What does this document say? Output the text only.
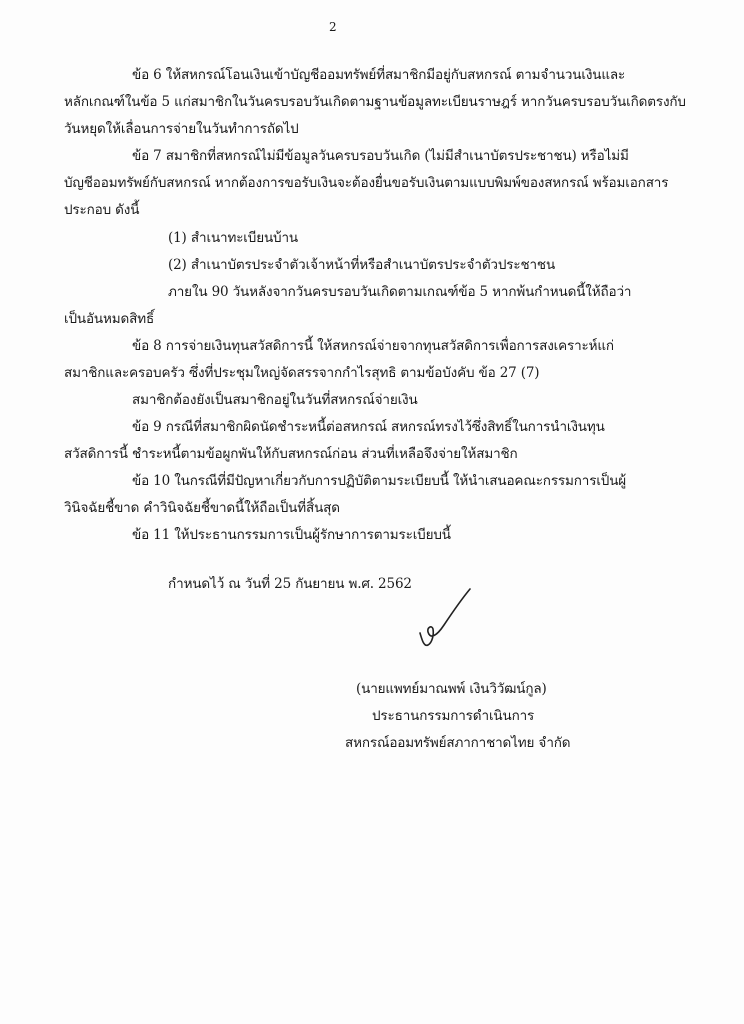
2
ข้อ 6 ให้สหกรณ์โอนเงินเข้าบัญชีออมทรัพย์ที่สมาชิกมีอยู่กับสหกรณ์ ตามจำนวนเงินและ
หลักเกณฑ์ในข้อ 5 แก่สมาชิกในวันครบรอบวันเกิดตามฐานข้อมูลทะเบียนราษฎร์ หากวันครบรอบวันเกิดตรงกับ
วันหยุดให้เลื่อนการจ่ายในวันทำการถัดไป
ข้อ 7 สมาชิกที่สหกรณ์ไม่มีข้อมูลวันครบรอบวันเกิด (ไม่มีสำเนาบัตรประชาชน) หรือไม่มี
บัญชีออมทรัพย์กับสหกรณ์ หากต้องการขอรับเงินจะต้องยื่นขอรับเงินตามแบบพิมพ์ของสหกรณ์ พร้อมเอกสาร
ประกอบ ดังนี้
(1) สำเนาทะเบียนบ้าน
(2) สำเนาบัตรประจำตัวเจ้าหน้าที่หรือสำเนาบัตรประจำตัวประชาชน
ภายใน 90 วันหลังจากวันครบรอบวันเกิดตามเกณฑ์ข้อ 5 หากพ้นกำหนดนี้ให้ถือว่า
เป็นอันหมดสิทธิ์
ข้อ 8 การจ่ายเงินทุนสวัสดิการนี้ ให้สหกรณ์จ่ายจากทุนสวัสดิการเพื่อการสงเคราะห์แก่
สมาชิกและครอบครัว ซึ่งที่ประชุมใหญ่จัดสรรจากกำไรสุทธิ ตามข้อบังคับ ข้อ 27 (7)
สมาชิกต้องยังเป็นสมาชิกอยู่ในวันที่สหกรณ์จ่ายเงิน
ข้อ 9 กรณีที่สมาชิกผิดนัดชำระหนี้ต่อสหกรณ์ สหกรณ์ทรงไว้ซึ่งสิทธิ์ในการนำเงินทุน
สวัสดิการนี้ ชำระหนี้ตามข้อผูกพันให้กับสหกรณ์ก่อน ส่วนที่เหลือจึงจ่ายให้สมาชิก
ข้อ 10 ในกรณีที่มีปัญหาเกี่ยวกับการปฏิบัติตามระเบียบนี้ ให้นำเสนอคณะกรรมการเป็นผู้
วินิจฉัยชี้ขาด คำวินิจฉัยชี้ขาดนี้ให้ถือเป็นที่สิ้นสุด
ข้อ 11 ให้ประธานกรรมการเป็นผู้รักษาการตามระเบียบนี้
กำหนดไว้ ณ วันที่ 25 กันยายน พ.ศ. 2562
(นายแพทย์มาณพพ์ เงินวิวัฒน์กูล)
ประธานกรรมการดำเนินการ
สหกรณ์ออมทรัพย์สภากาชาดไทย จำกัด
